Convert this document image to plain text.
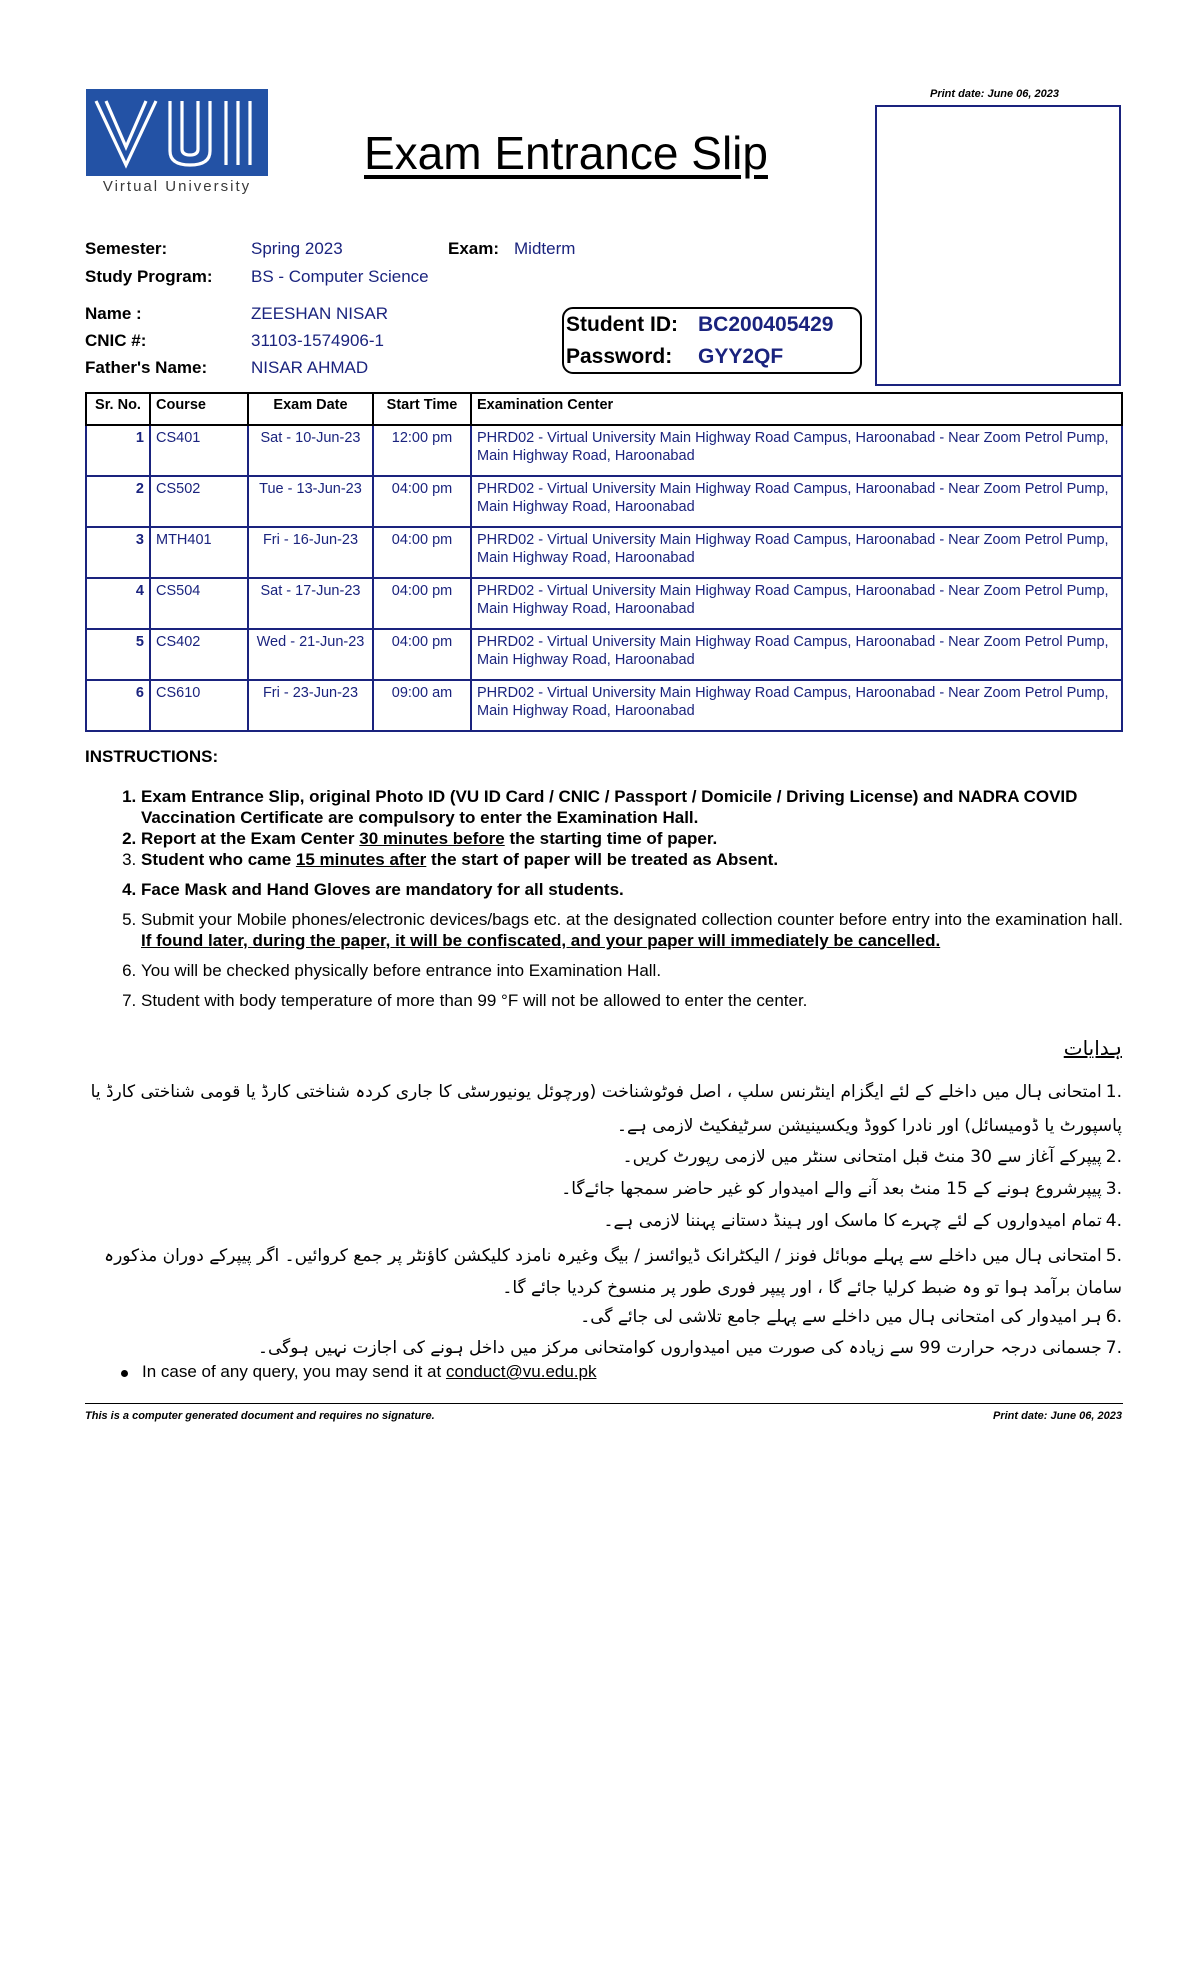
Virtual University
Print date: June 06, 2023
Exam Entrance Slip
Semester:	Spring 2023	Exam: Midterm
Study Program: BS - Computer Science
Name :	ZEESHAN NISAR
CNIC #:	31103-1574906-1
Father's Name:	NISAR AHMAD
Student ID: BC200405429
Password: GYY2QF
Sr. No.	Course	Exam Date	Start Time	Examination Center
1	CS401	Sat - 10-Jun-23	12:00 pm	PHRD02 - Virtual University Main Highway Road Campus, Haroonabad - Near Zoom Petrol Pump, Main Highway Road, Haroonabad
2	CS502	Tue - 13-Jun-23	04:00 pm	PHRD02 - Virtual University Main Highway Road Campus, Haroonabad - Near Zoom Petrol Pump, Main Highway Road, Haroonabad
3	MTH401	Fri - 16-Jun-23	04:00 pm	PHRD02 - Virtual University Main Highway Road Campus, Haroonabad - Near Zoom Petrol Pump, Main Highway Road, Haroonabad
4	CS504	Sat - 17-Jun-23	04:00 pm	PHRD02 - Virtual University Main Highway Road Campus, Haroonabad - Near Zoom Petrol Pump, Main Highway Road, Haroonabad
5	CS402	Wed - 21-Jun-23	04:00 pm	PHRD02 - Virtual University Main Highway Road Campus, Haroonabad - Near Zoom Petrol Pump, Main Highway Road, Haroonabad
6	CS610	Fri - 23-Jun-23	09:00 am	PHRD02 - Virtual University Main Highway Road Campus, Haroonabad - Near Zoom Petrol Pump, Main Highway Road, Haroonabad
INSTRUCTIONS:
1. Exam Entrance Slip, original Photo ID (VU ID Card / CNIC / Passport / Domicile / Driving License) and NADRA COVID Vaccination Certificate are compulsory to enter the Examination Hall.
2. Report at the Exam Center 30 minutes before the starting time of paper.
3. Student who came 15 minutes after the start of paper will be treated as Absent.
4. Face Mask and Hand Gloves are mandatory for all students.
5. Submit your Mobile phones/electronic devices/bags etc. at the designated collection counter before entry into the examination hall. If found later, during the paper, it will be confiscated, and your paper will immediately be cancelled.
6. You will be checked physically before entrance into Examination Hall.
7. Student with body temperature of more than 99 °F will not be allowed to enter the center.
ہدایات
.1امتحانی ہال میں داخلے کے لئے ایگزام اینٹرنس سلپ ، اصل فوٹوشناخت (ورچوئل یونیورسٹی کا جاری کردہ شناختی کارڈ یا قومی شناختی کارڈ یا پاسپورٹ یا ڈومیسائل) اور نادرا کووڈ ویکسینیشن سرٹیفکیٹ لازمی ہے۔
.2پیپرکے آغاز سے 30 منٹ قبل امتحانی سنٹر میں لازمی رپورٹ کریں۔
.3پیپرشروع ہونے کے 15 منٹ بعد آنے والے امیدوار کو غیر حاضر سمجھا جائےگا۔
.4تمام امیدواروں کے لئے چہرے کا ماسک اور ہینڈ دستانے پہننا لازمی ہے۔
.5امتحانی ہال میں داخلے سے پہلے موبائل فونز / الیکٹرانک ڈیوائسز / بیگ وغیرہ نامزد کلیکشن کاؤنٹر پر جمع کروائیں۔ اگر پیپرکے دوران مذکورہ سامان برآمد ہوا تو وہ ضبط کرلیا جائے گا ، اور پیپر فوری طور پر منسوخ کردیا جائے گا۔
.6ہر امیدوار کی امتحانی ہال میں داخلے سے پہلے جامع تلاشی لی جائے گی۔
.7جسمانی درجہ حرارت 99 سے زیادہ کی صورت میں امیدواروں کوامتحانی مرکز میں داخل ہونے کی اجازت نہیں ہوگی۔
In case of any query, you may send it at conduct@vu.edu.pk
This is a computer generated document and requires no signature.	Print date: June 06, 2023
